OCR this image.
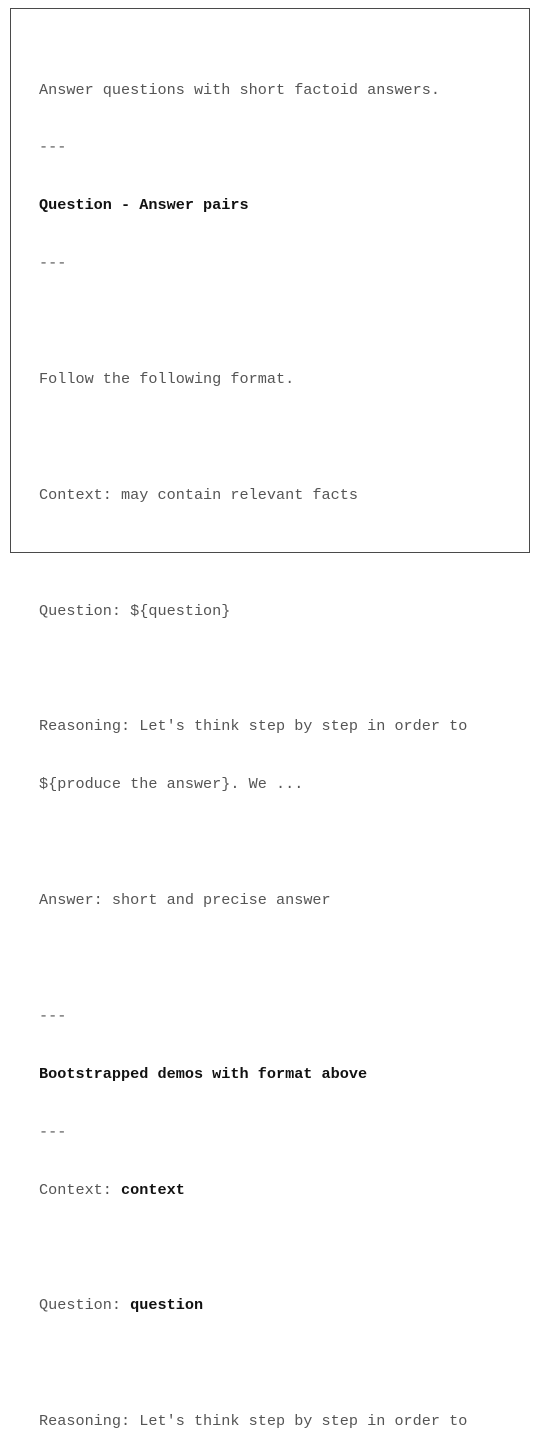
Answer questions with short factoid answers.

---

Question - Answer pairs

---

Follow the following format.

Context: may contain relevant facts

Question: ${question}

Reasoning: Let's think step by step in order to

${produce the answer}. We ...

Answer: short and precise answer

---

Bootstrapped demos with format above

---

Context: context

Question: question

Reasoning: Let's think step by step in order to
